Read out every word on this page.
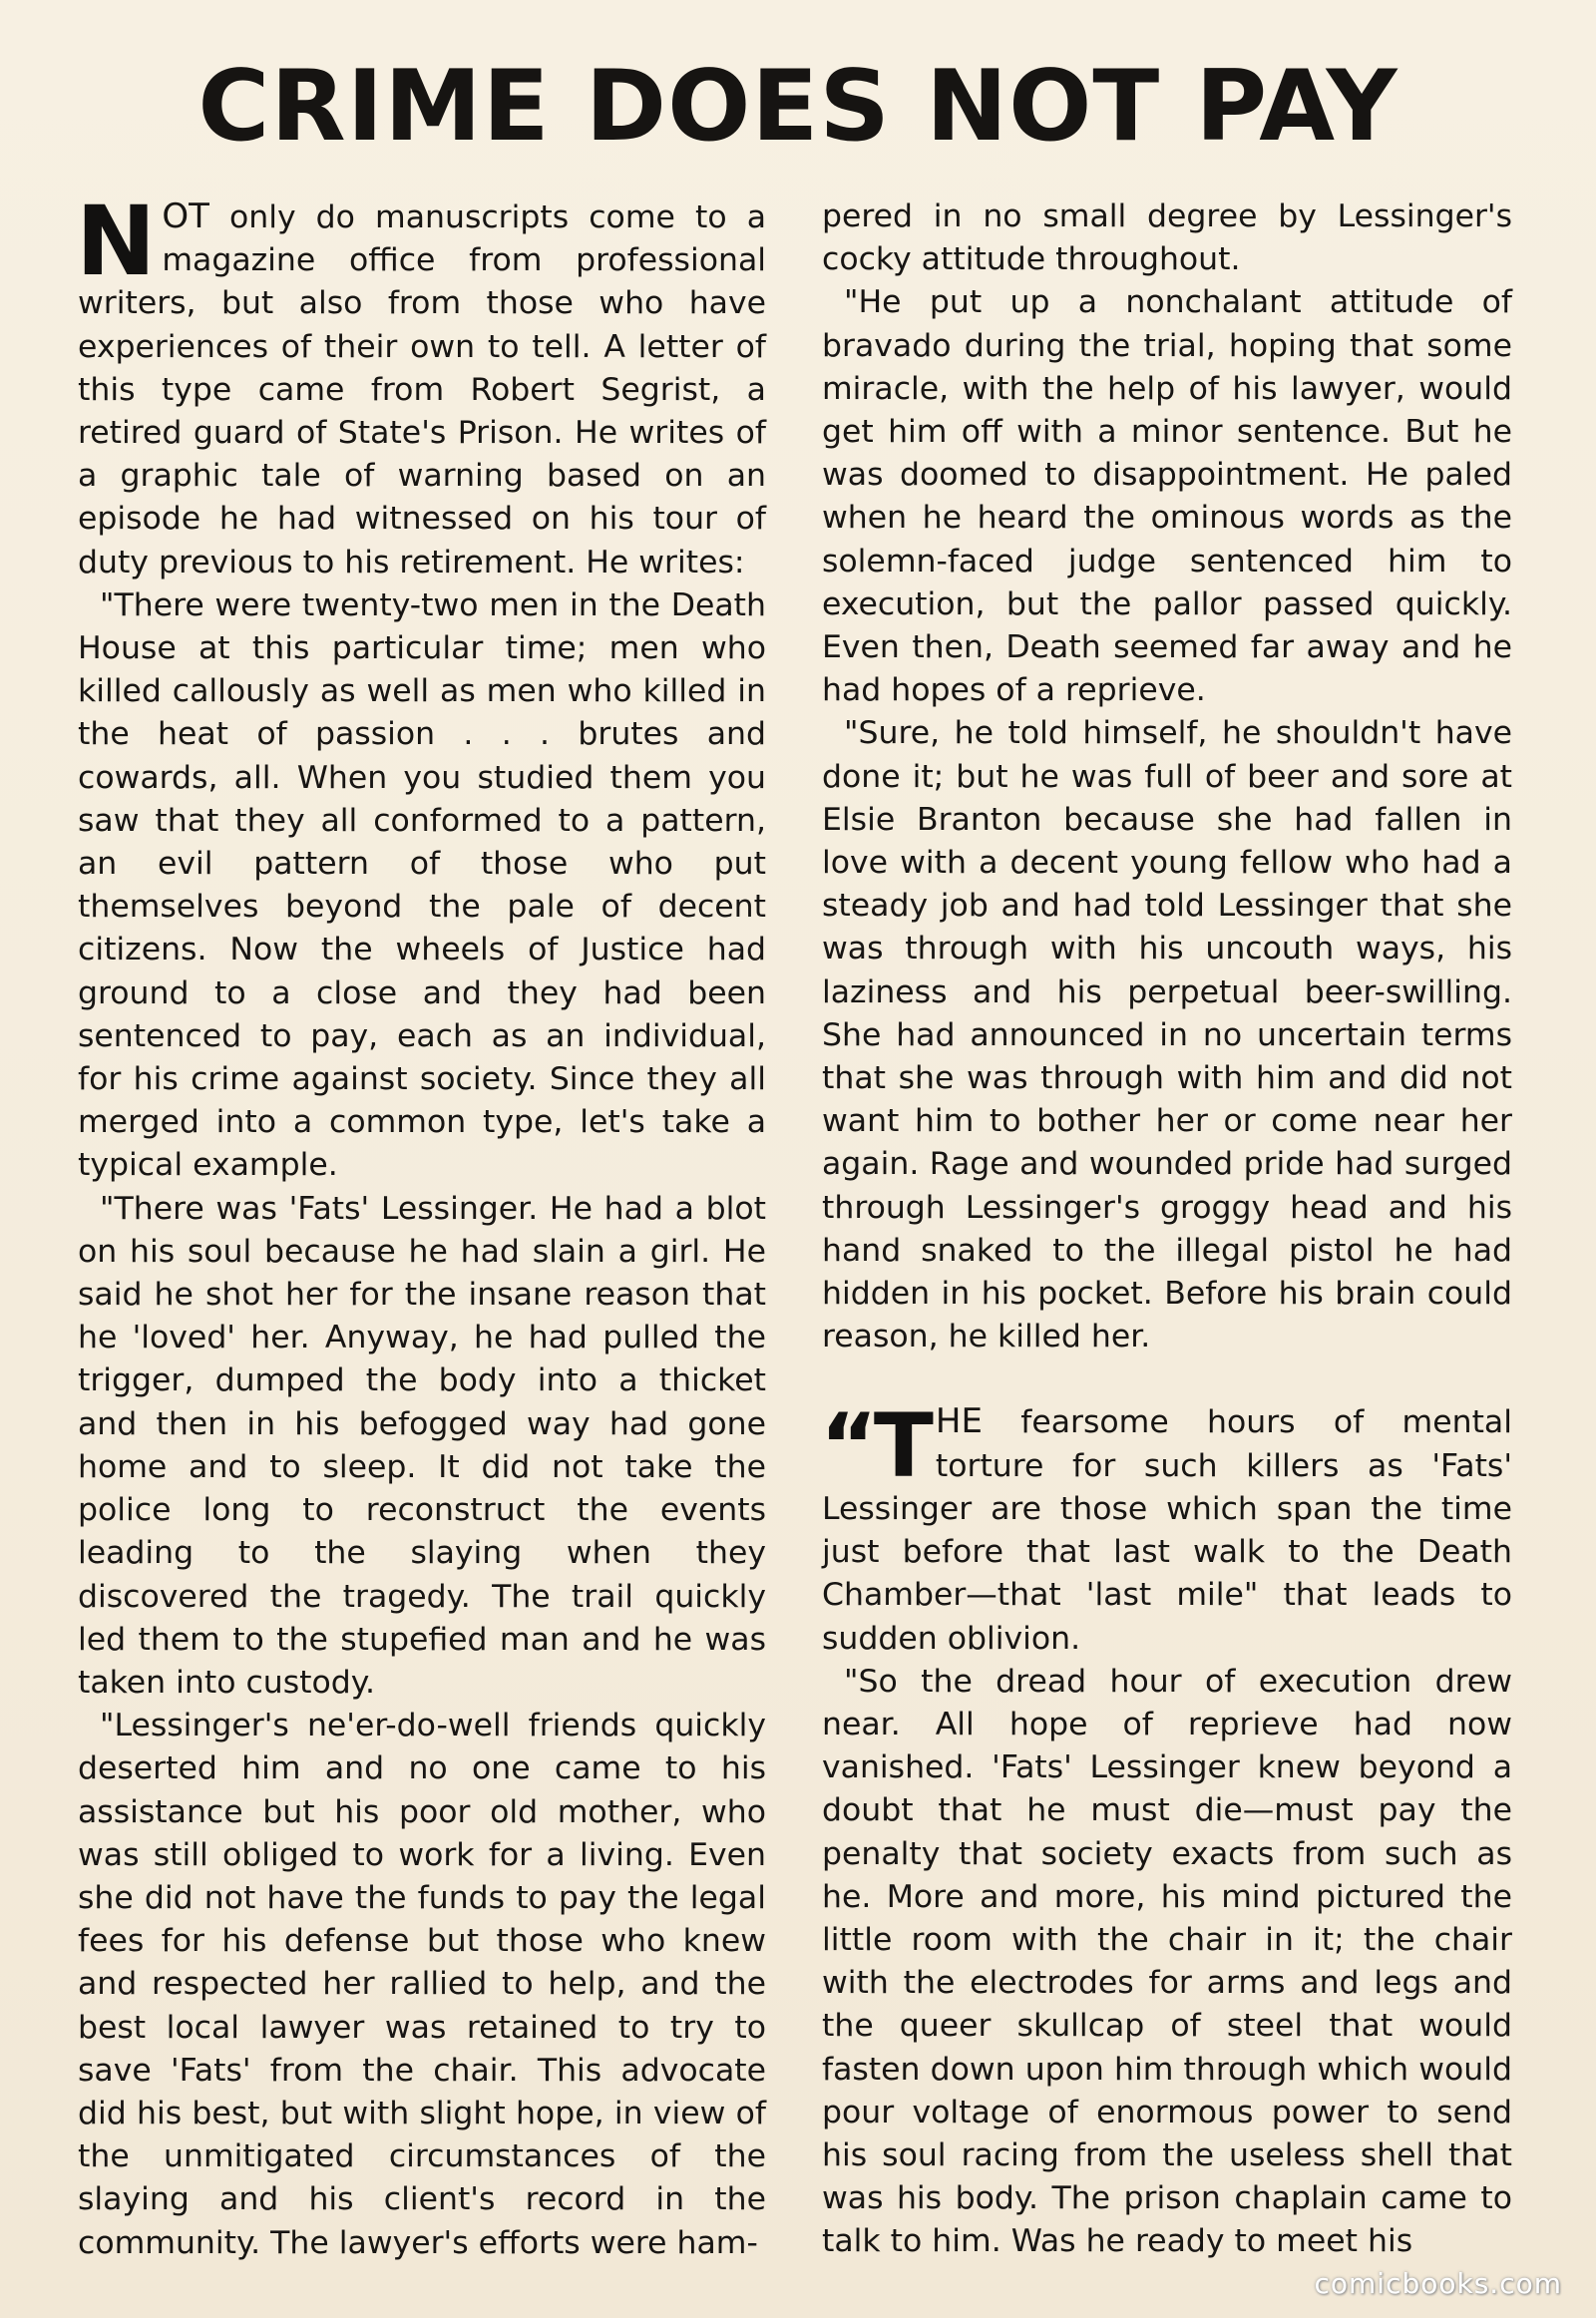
CRIME DOES NOT PAY

NOT only do manuscripts come to a magazine office from professional writers, but also from those who have experiences of their own to tell. A letter of this type came from Robert Segrist, a retired guard of State's Prison. He writes of a graphic tale of warning based on an episode he had witnessed on his tour of duty previous to his retirement. He writes:

"There were twenty-two men in the Death House at this particular time; men who killed callously as well as men who killed in the heat of passion . . . brutes and cowards, all. When you studied them you saw that they all conformed to a pattern, an evil pattern of those who put themselves beyond the pale of decent citizens. Now the wheels of Justice had ground to a close and they had been sentenced to pay, each as an individual, for his crime against society. Since they all merged into a common type, let's take a typical example.

"There was 'Fats' Lessinger. He had a blot on his soul because he had slain a girl. He said he shot her for the insane reason that he 'loved' her. Anyway, he had pulled the trigger, dumped the body into a thicket and then in his befogged way had gone home and to sleep. It did not take the police long to reconstruct the events leading to the slaying when they discovered the tragedy. The trail quickly led them to the stupefied man and he was taken into custody.

"Lessinger's ne'er-do-well friends quickly deserted him and no one came to his assistance but his poor old mother, who was still obliged to work for a living. Even she did not have the funds to pay the legal fees for his defense but those who knew and respected her rallied to help, and the best local lawyer was retained to try to save 'Fats' from the chair. This advocate did his best, but with slight hope, in view of the unmitigated circumstances of the slaying and his client's record in the community. The lawyer's efforts were ham-

pered in no small degree by Lessinger's cocky attitude throughout.

"He put up a nonchalant attitude of bravado during the trial, hoping that some miracle, with the help of his lawyer, would get him off with a minor sentence. But he was doomed to disappointment. He paled when he heard the ominous words as the solemn-faced judge sentenced him to execution, but the pallor passed quickly. Even then, Death seemed far away and he had hopes of a reprieve.

"Sure, he told himself, he shouldn't have done it; but he was full of beer and sore at Elsie Branton because she had fallen in love with a decent young fellow who had a steady job and had told Lessinger that she was through with his uncouth ways, his laziness and his perpetual beer-swilling. She had announced in no uncertain terms that she was through with him and did not want him to bother her or come near her again. Rage and wounded pride had surged through Lessinger's groggy head and his hand snaked to the illegal pistol he had hidden in his pocket. Before his brain could reason, he killed her.

“THE fearsome hours of mental torture for such killers as 'Fats' Lessinger are those which span the time just before that last walk to the Death Chamber—that 'last mile" that leads to sudden oblivion.

"So the dread hour of execution drew near. All hope of reprieve had now vanished. 'Fats' Lessinger knew beyond a doubt that he must die—must pay the penalty that society exacts from such as he. More and more, his mind pictured the little room with the chair in it; the chair with the electrodes for arms and legs and the queer skullcap of steel that would fasten down upon him through which would pour voltage of enormous power to send his soul racing from the useless shell that was his body. The prison chaplain came to talk to him. Was he ready to meet his

comicbooks.com
